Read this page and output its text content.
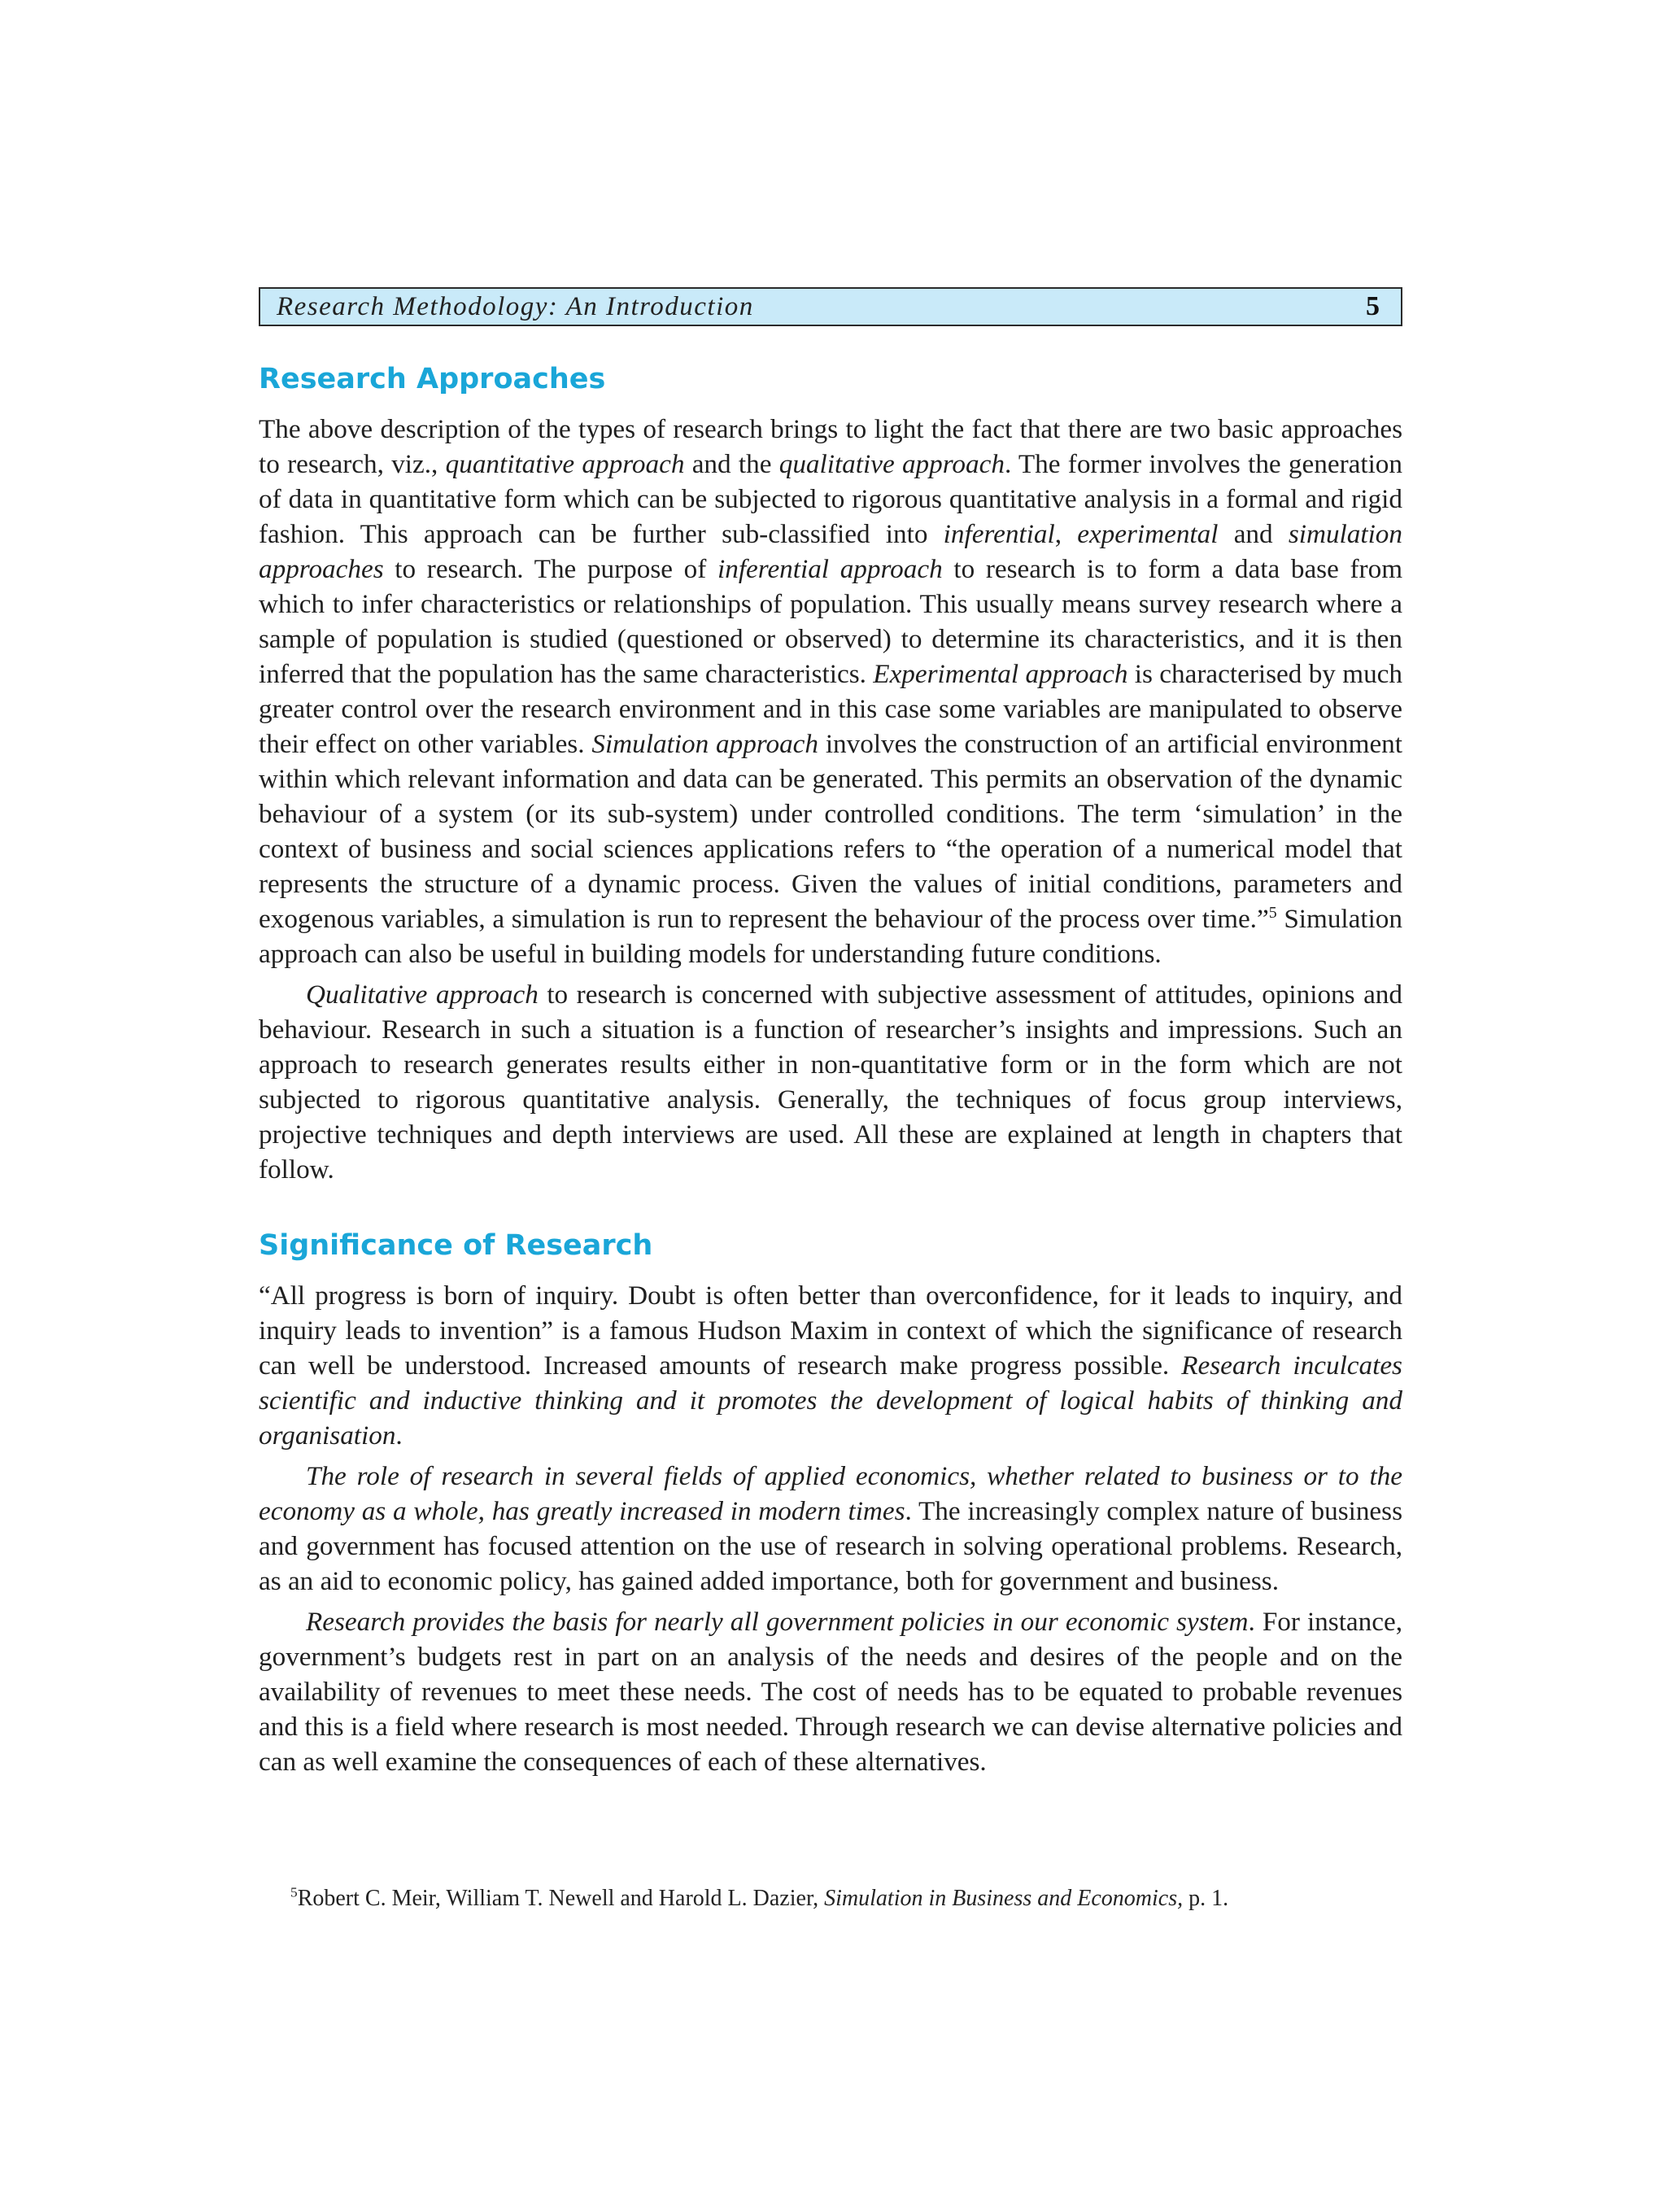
Research Methodology: An Introduction	5
Research Approaches

The above description of the types of research brings to light the fact that there are two basic approaches to research, viz., quantitative approach and the qualitative approach. The former involves the generation of data in quantitative form which can be subjected to rigorous quantitative analysis in a formal and rigid fashion. This approach can be further sub-classified into inferential, experimental and simulation approaches to research. The purpose of inferential approach to research is to form a data base from which to infer characteristics or relationships of population. This usually means survey research where a sample of population is studied (questioned or observed) to determine its characteristics, and it is then inferred that the population has the same characteristics. Experimental approach is characterised by much greater control over the research environment and in this case some variables are manipulated to observe their effect on other variables. Simulation approach involves the construction of an artificial environment within which relevant information and data can be generated. This permits an observation of the dynamic behaviour of a system (or its sub-system) under controlled conditions. The term ‘simulation’ in the context of business and social sciences applications refers to “the operation of a numerical model that represents the structure of a dynamic process. Given the values of initial conditions, parameters and exogenous variables, a simulation is run to represent the behaviour of the process over time.”$^5$ Simulation approach can also be useful in building models for understanding future conditions.

Qualitative approach to research is concerned with subjective assessment of attitudes, opinions and behaviour. Research in such a situation is a function of researcher’s insights and impressions. Such an approach to research generates results either in non-quantitative form or in the form which are not subjected to rigorous quantitative analysis. Generally, the techniques of focus group interviews, projective techniques and depth interviews are used. All these are explained at length in chapters that follow.

Significance of Research

“All progress is born of inquiry. Doubt is often better than overconfidence, for it leads to inquiry, and inquiry leads to invention” is a famous Hudson Maxim in context of which the significance of research can well be understood. Increased amounts of research make progress possible. Research inculcates scientific and inductive thinking and it promotes the development of logical habits of thinking and organisation.

The role of research in several fields of applied economics, whether related to business or to the economy as a whole, has greatly increased in modern times. The increasingly complex nature of business and government has focused attention on the use of research in solving operational problems. Research, as an aid to economic policy, has gained added importance, both for government and business.

Research provides the basis for nearly all government policies in our economic system. For instance, government’s budgets rest in part on an analysis of the needs and desires of the people and on the availability of revenues to meet these needs. The cost of needs has to be equated to probable revenues and this is a field where research is most needed. Through research we can devise alternative policies and can as well examine the consequences of each of these alternatives.

$^5$Robert C. Meir, William T. Newell and Harold L. Dazier, Simulation in Business and Economics, p. 1.
